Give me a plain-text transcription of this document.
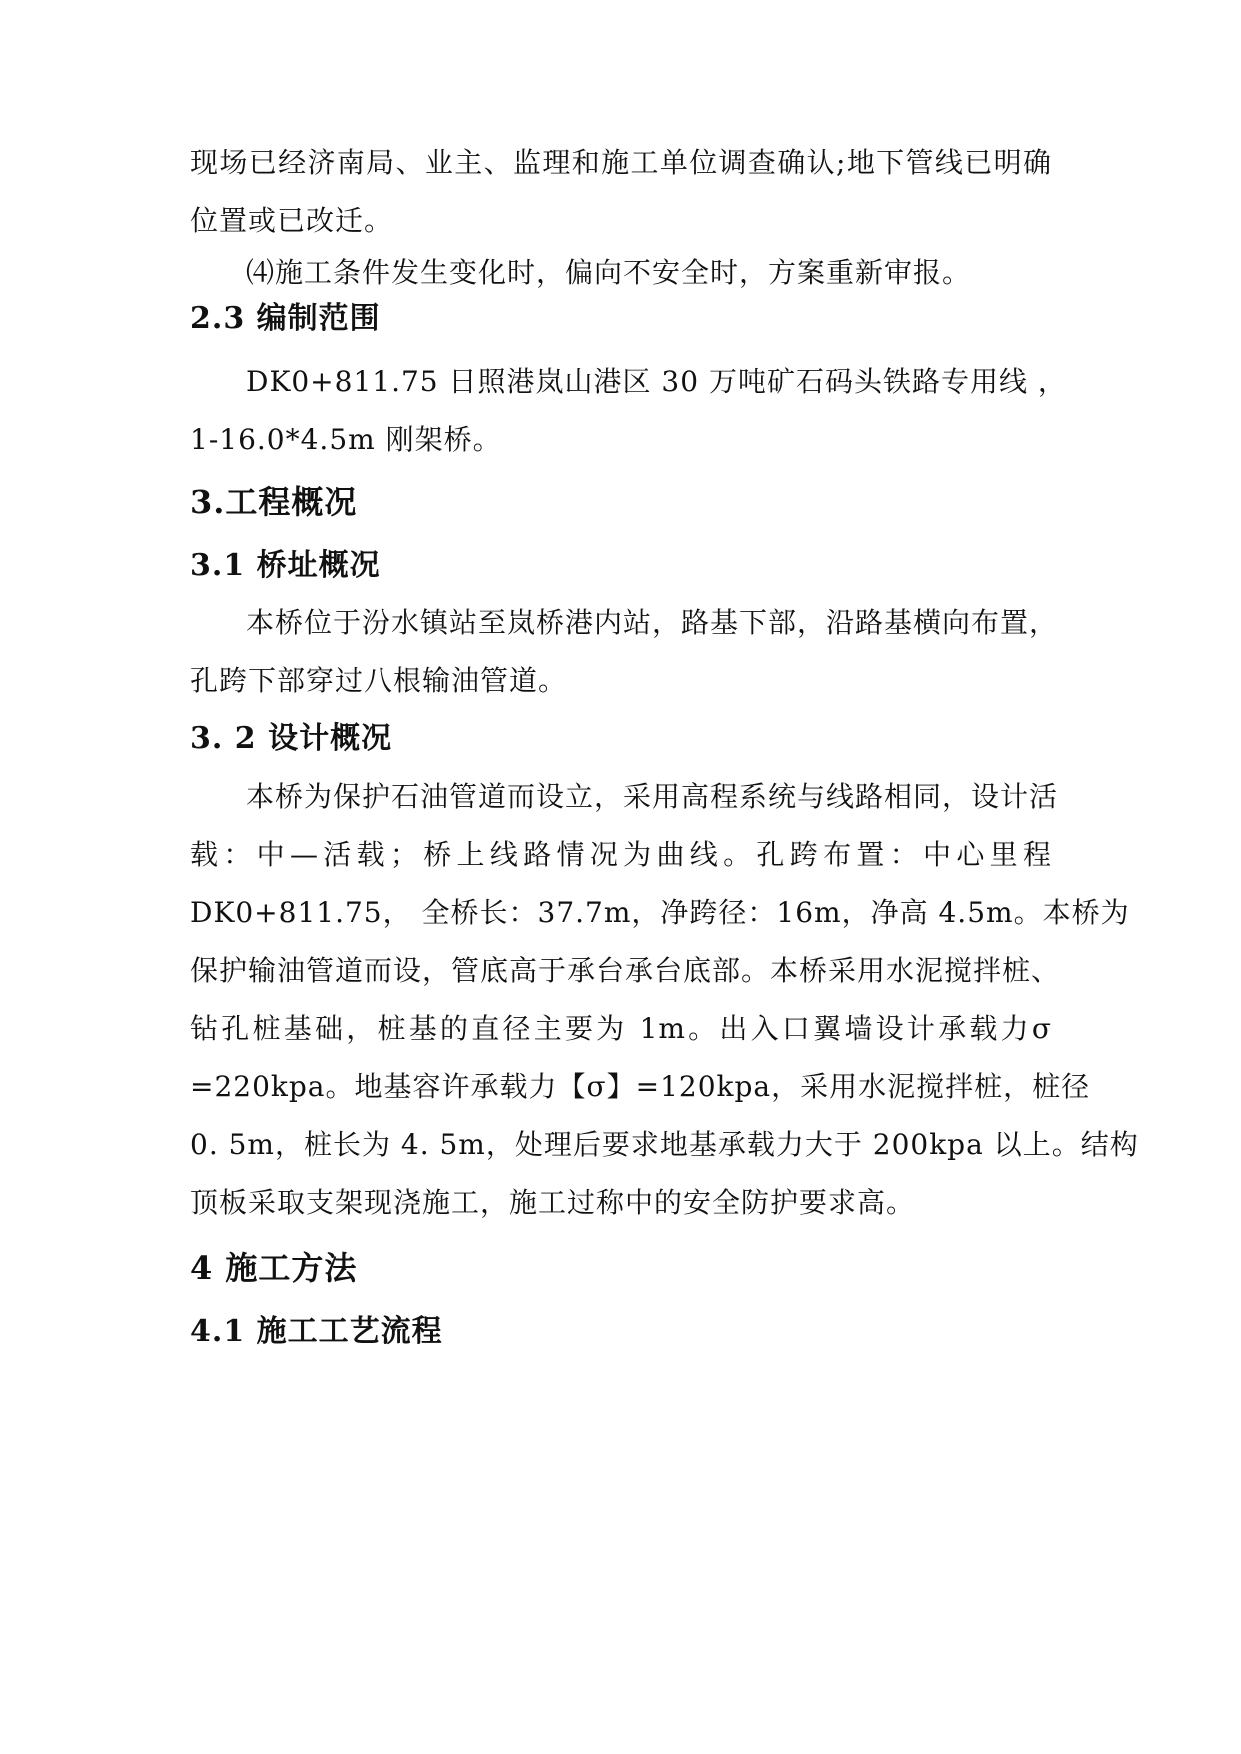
现场已经济南局、业主、监理和施工单位调查确认;地下管线已明确
位置或已改迁。
⑷施工条件发生变化时，偏向不安全时，方案重新审报。
2.3 编制范围
DK0+811.75 日照港岚山港区 30 万吨矿石码头铁路专用线 ，
1-16.0*4.5m 刚架桥。
3.工程概况
3.1 桥址概况
本桥位于汾水镇站至岚桥港内站，路基下部，沿路基横向布置，
孔跨下部穿过八根输油管道。
3. 2 设计概况
本桥为保护石油管道而设立，采用高程系统与线路相同，设计活
载：中—活载；桥上线路情况为曲线。孔跨布置：中心里程
DK0+811.75， 全桥长：37.7m，净跨径：16m，净高 4.5m。本桥为
保护输油管道而设，管底高于承台承台底部。本桥采用水泥搅拌桩、
钻孔桩基础，桩基的直径主要为 1m。出入口翼墙设计承载力σ
=220kpa。地基容许承载力【σ】=120kpa，采用水泥搅拌桩，桩径
0. 5m，桩长为 4. 5m，处理后要求地基承载力大于 200kpa 以上。结构
顶板采取支架现浇施工，施工过称中的安全防护要求高。
4 施工方法
4.1 施工工艺流程
